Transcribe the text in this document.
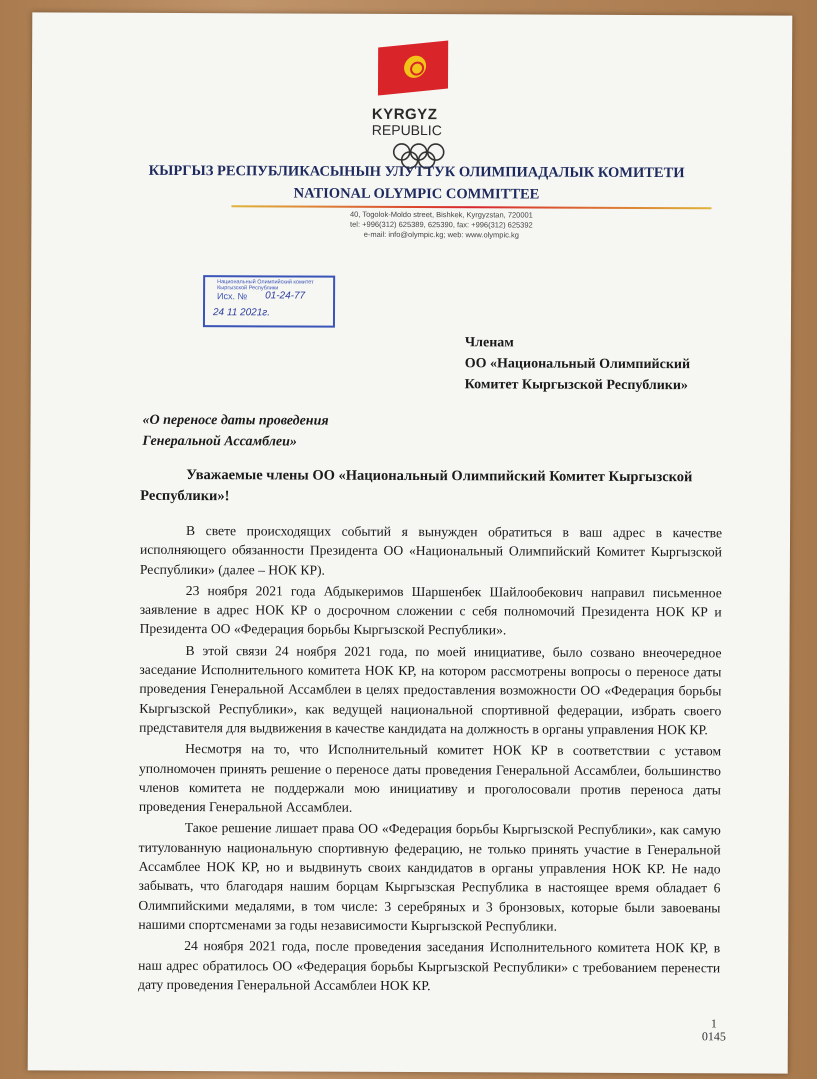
KYRGYZ
REPUBLIC
КЫРГЫЗ РЕСПУБЛИКАСЫНЫН УЛУТТУК ОЛИМПИАДАЛЫК КОМИТЕТИ
NATIONAL OLYMPIC COMMITTEE
40, Togolok-Moldo street, Bishkek, Kyrgyzstan, 720001
tel: +996(312) 625389, 625390, fax: +996(312) 625392
e-mail: info@olympic.kg; web: www.olympic.kg
Национальный Олимпийский комитет
Кыргызской Республики
Исх. № 01-24-77
24 11 2021г.
Членам
ОО «Национальный Олимпийский
Комитет Кыргызской Республики»
«О переносе даты проведения
Генеральной Ассамблеи»
Уважаемые члены ОО «Национальный Олимпийский Комитет Кыргызской Республики»!

В свете происходящих событий я вынужден обратиться в ваш адрес в качестве исполняющего обязанности Президента ОО «Национальный Олимпийский Комитет Кыргызской Республики» (далее – НОК КР).

23 ноября 2021 года Абдыкеримов Шаршенбек Шайлообекович направил письменное заявление в адрес НОК КР о досрочном сложении с себя полномочий Президента НОК КР и Президента ОО «Федерация борьбы Кыргызской Республики».

В этой связи 24 ноября 2021 года, по моей инициативе, было созвано внеочередное заседание Исполнительного комитета НОК КР, на котором рассмотрены вопросы о переносе даты проведения Генеральной Ассамблеи в целях предоставления возможности ОО «Федерация борьбы Кыргызской Республики», как ведущей национальной спортивной федерации, избрать своего представителя для выдвижения в качестве кандидата на должность в органы управления НОК КР.

Несмотря на то, что Исполнительный комитет НОК КР в соответствии с уставом уполномочен принять решение о переносе даты проведения Генеральной Ассамблеи, большинство членов комитета не поддержали мою инициативу и проголосовали против переноса даты проведения Генеральной Ассамблеи.

Такое решение лишает права ОО «Федерация борьбы Кыргызской Республики», как самую титулованную национальную спортивную федерацию, не только принять участие в Генеральной Ассамблее НОК КР, но и выдвинуть своих кандидатов в органы управления НОК КР. Не надо забывать, что благодаря нашим борцам Кыргызская Республика в настоящее время обладает 6 Олимпийскими медалями, в том числе: 3 серебряных и 3 бронзовых, которые были завоеваны нашими спортсменами за годы независимости Кыргызской Республики.

24 ноября 2021 года, после проведения заседания Исполнительного комитета НОК КР, в наш адрес обратилось ОО «Федерация борьбы Кыргызской Республики» с требованием перенести дату проведения Генеральной Ассамблеи НОК КР.

1
0145
